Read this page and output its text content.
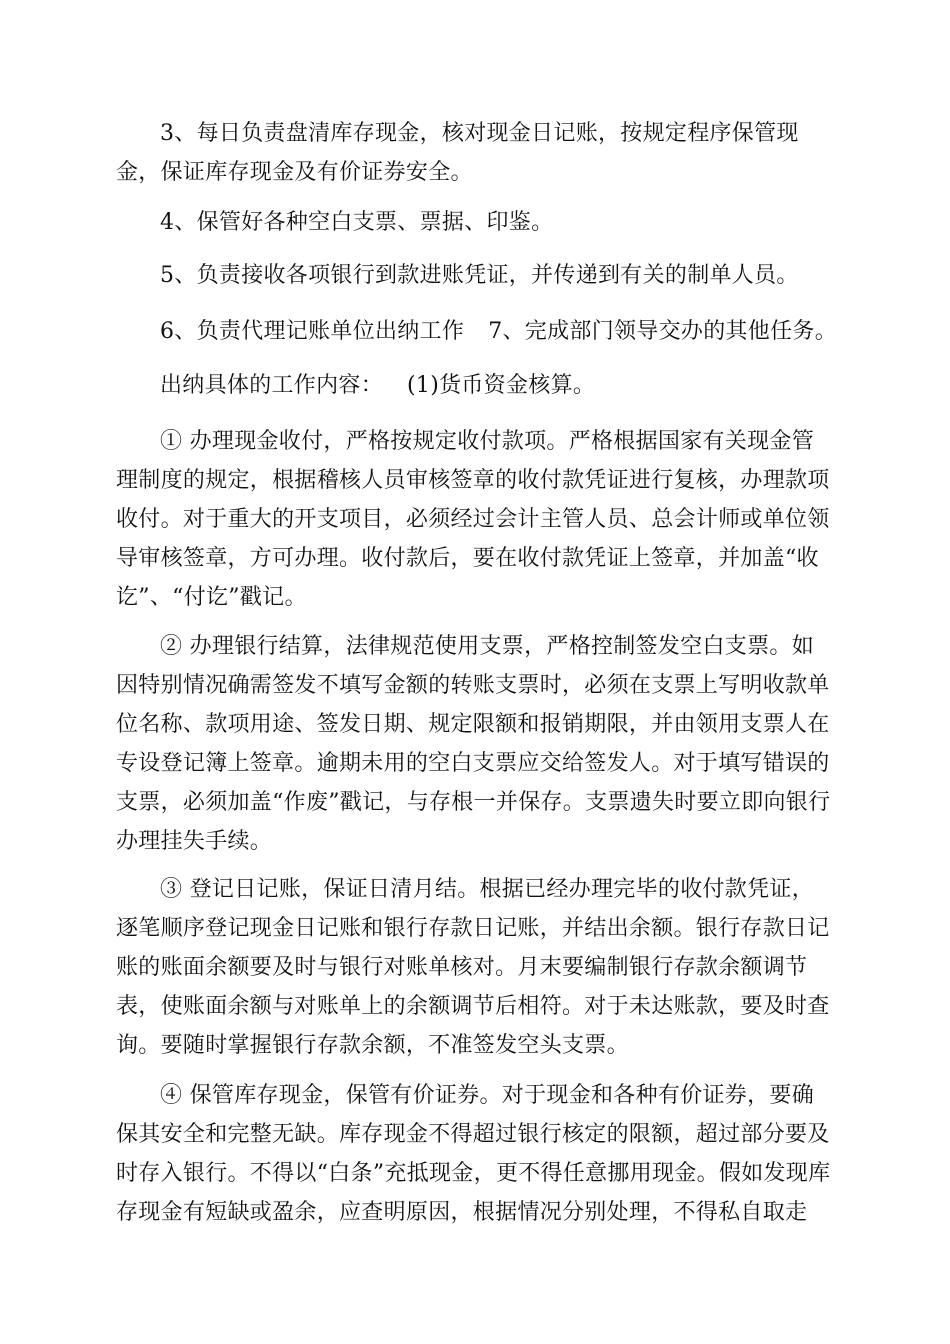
3、每日负责盘清库存现金，核对现金日记账，按规定程序保管现金，保证库存现金及有价证券安全。

4、保管好各种空白支票、票据、印鉴。

5、负责接收各项银行到款进账凭证，并传递到有关的制单人员。

6、负责代理记账单位出纳工作 7、完成部门领导交办的其他任务。

出纳具体的工作内容： (1)货币资金核算。

① 办理现金收付，严格按规定收付款项。严格根据国家有关现金管理制度的规定，根据稽核人员审核签章的收付款凭证进行复核，办理款项收付。对于重大的开支项目，必须经过会计主管人员、总会计师或单位领导审核签章，方可办理。收付款后，要在收付款凭证上签章，并加盖“收讫”、“付讫”戳记。

② 办理银行结算，法律规范使用支票，严格控制签发空白支票。如因特别情况确需签发不填写金额的转账支票时，必须在支票上写明收款单位名称、款项用途、签发日期、规定限额和报销期限，并由领用支票人在专设登记簿上签章。逾期未用的空白支票应交给签发人。对于填写错误的支票，必须加盖“作废”戳记，与存根一并保存。支票遗失时要立即向银行办理挂失手续。

③ 登记日记账，保证日清月结。根据已经办理完毕的收付款凭证，逐笔顺序登记现金日记账和银行存款日记账，并结出余额。银行存款日记账的账面余额要及时与银行对账单核对。月末要编制银行存款余额调节表，使账面余额与对账单上的余额调节后相符。对于未达账款，要及时查询。要随时掌握银行存款余额，不准签发空头支票。

④ 保管库存现金，保管有价证券。对于现金和各种有价证券，要确保其安全和完整无缺。库存现金不得超过银行核定的限额，超过部分要及时存入银行。不得以“白条”充抵现金，更不得任意挪用现金。假如发现库存现金有短缺或盈余，应查明原因，根据情况分别处理，不得私自取走
